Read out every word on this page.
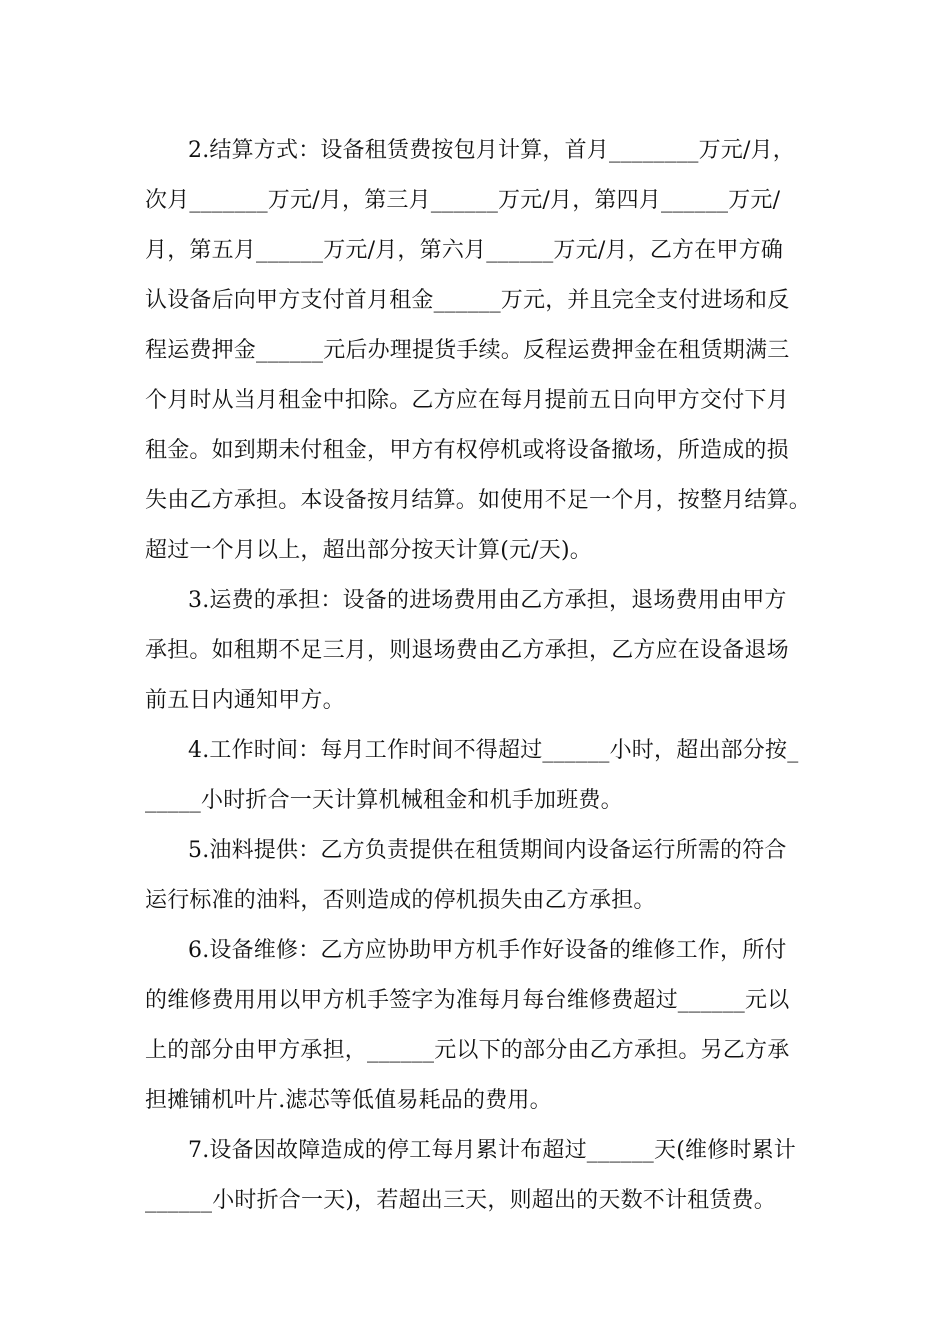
2.结算方式：设备租赁费按包月计算，首月________万元/月，
次月_______万元/月，第三月______万元/月，第四月______万元/
月，第五月______万元/月，第六月______万元/月，乙方在甲方确
认设备后向甲方支付首月租金______万元，并且完全支付进场和反
程运费押金______元后办理提货手续。反程运费押金在租赁期满三
个月时从当月租金中扣除。乙方应在每月提前五日向甲方交付下月
租金。如到期未付租金，甲方有权停机或将设备撤场，所造成的损
失由乙方承担。本设备按月结算。如使用不足一个月，按整月结算。
超过一个月以上，超出部分按天计算(元/天)。
3.运费的承担：设备的进场费用由乙方承担，退场费用由甲方
承担。如租期不足三月，则退场费由乙方承担，乙方应在设备退场
前五日内通知甲方。
4.工作时间：每月工作时间不得超过______小时，超出部分按_
_____小时折合一天计算机械租金和机手加班费。
5.油料提供：乙方负责提供在租赁期间内设备运行所需的符合
运行标准的油料，否则造成的停机损失由乙方承担。
6.设备维修：乙方应协助甲方机手作好设备的维修工作，所付
的维修费用用以甲方机手签字为准每月每台维修费超过______元以
上的部分由甲方承担，______元以下的部分由乙方承担。另乙方承
担摊铺机叶片.滤芯等低值易耗品的费用。
7.设备因故障造成的停工每月累计布超过______天(维修时累计
______小时折合一天)，若超出三天，则超出的天数不计租赁费。
